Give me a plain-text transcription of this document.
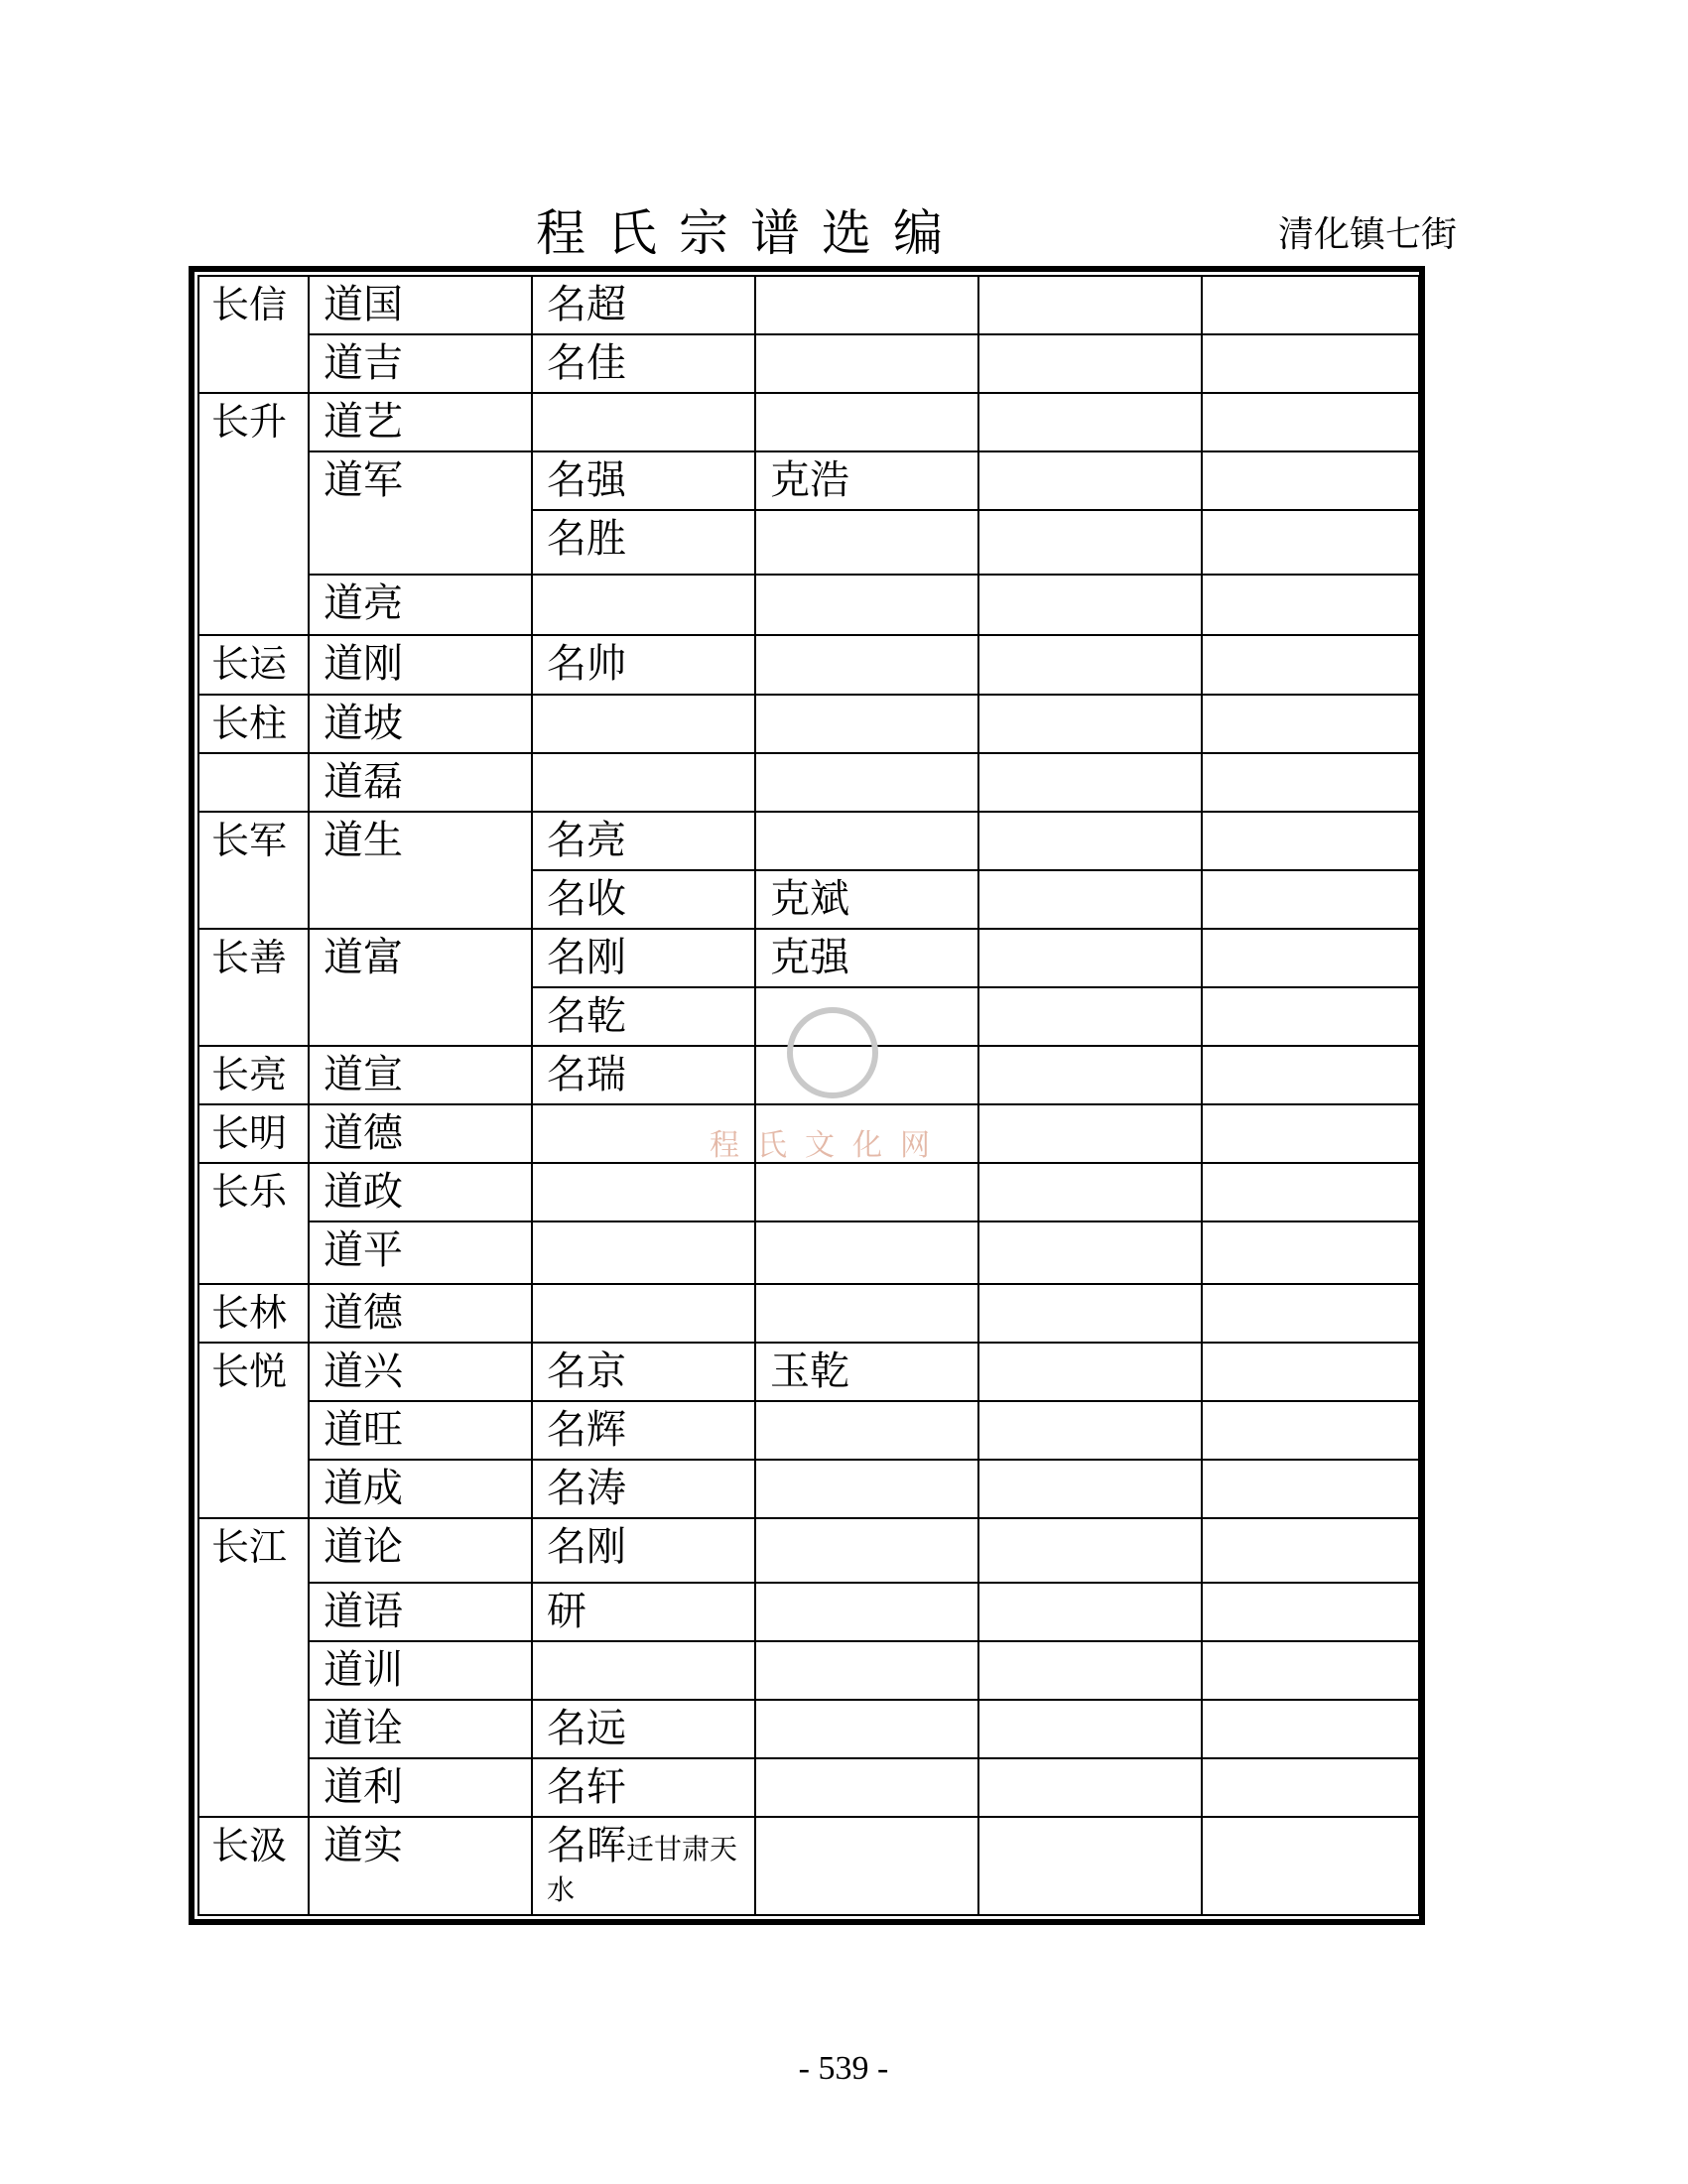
程氏宗谱选编	清化镇七街
长信	道国	名超			
	道吉	名佳			
长升	道艺				
	道军	名强	克浩		
		名胜			
	道亮				
长运	道刚	名帅			
长柱	道坡				
	道磊				
长军	道生	名亮			
		名收	克斌		
长善	道富	名刚	克强		
		名乾			
长亮	道宣	名瑞			
长明	道德				
长乐	道政				
	道平				
长林	道德				
长悦	道兴	名京	玉乾		
	道旺	名辉			
	道成	名涛			
长江	道论	名刚			
	道语	研			
	道训				
	道诠	名远			
	道利	名轩			
长汲	道实	名晖迁甘肃天水			
程氏文化网
- 539 -
